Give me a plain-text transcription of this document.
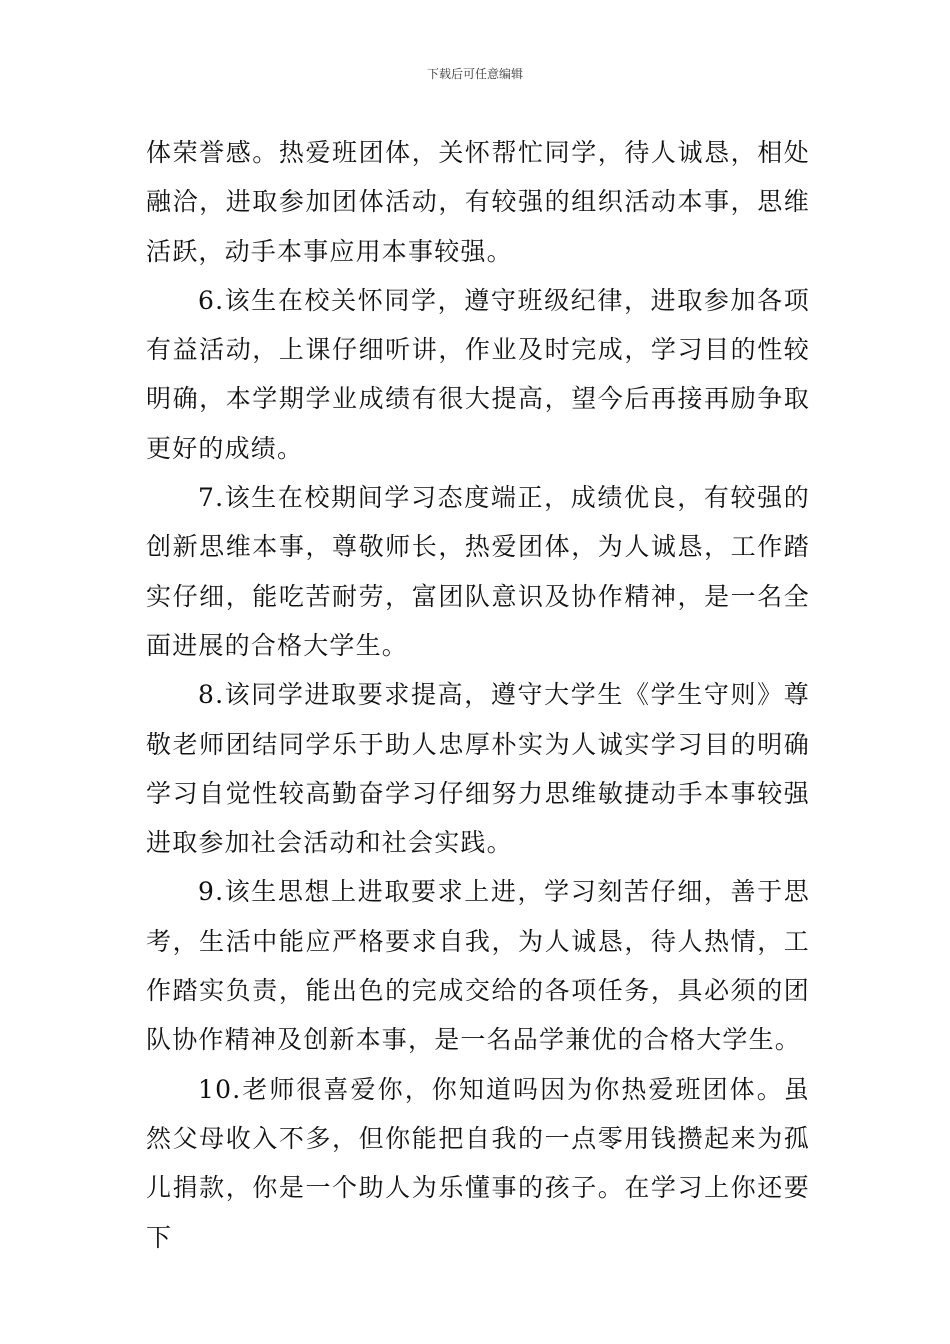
下载后可任意编辑

体荣誉感。热爱班团体，关怀帮忙同学，待人诚恳，相处融洽，进取参加团体活动，有较强的组织活动本事，思维活跃，动手本事应用本事较强。

6.该生在校关怀同学，遵守班级纪律，进取参加各项有益活动，上课仔细听讲，作业及时完成，学习目的性较明确，本学期学业成绩有很大提高，望今后再接再励争取更好的成绩。

7.该生在校期间学习态度端正，成绩优良，有较强的创新思维本事，尊敬师长，热爱团体，为人诚恳，工作踏实仔细，能吃苦耐劳，富团队意识及协作精神，是一名全面进展的合格大学生。

8.该同学进取要求提高，遵守大学生《学生守则》尊敬老师团结同学乐于助人忠厚朴实为人诚实学习目的明确学习自觉性较高勤奋学习仔细努力思维敏捷动手本事较强进取参加社会活动和社会实践。

9.该生思想上进取要求上进，学习刻苦仔细，善于思考，生活中能应严格要求自我，为人诚恳，待人热情，工作踏实负责，能出色的完成交给的各项任务，具必须的团队协作精神及创新本事，是一名品学兼优的合格大学生。

10.老师很喜爱你，你知道吗因为你热爱班团体。虽然父母收入不多，但你能把自我的一点零用钱攒起来为孤儿捐款，你是一个助人为乐懂事的孩子。在学习上你还要下
